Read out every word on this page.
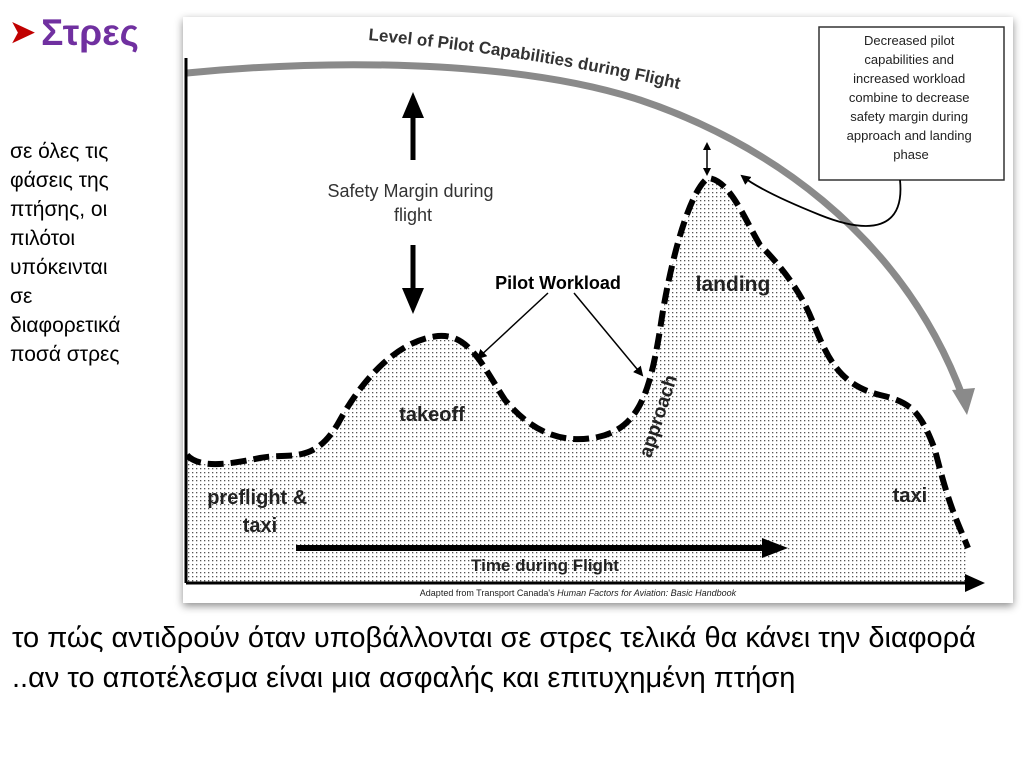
➤ Στρες
σε όλες τις
φάσεις της
πτήσης, οι
πιλότοι
υπόκεινται
σε
διαφορετικά
ποσά στρες
Level of Pilot Capabilities during Flight
Decreased pilot capabilities and increased workload combine to decrease safety margin during approach and landing phase
Safety Margin during flight
Pilot Workload
preflight & taxi
takeoff	approach
landing
taxi
Time during Flight
Adapted from Transport Canada's Human Factors for Aviation: Basic Handbook
το πώς αντιδρούν όταν υποβάλλονται σε στρες τελικά θα κάνει την διαφορά ..αν το αποτέλεσμα είναι μια ασφαλής και επιτυχημένη πτήση
